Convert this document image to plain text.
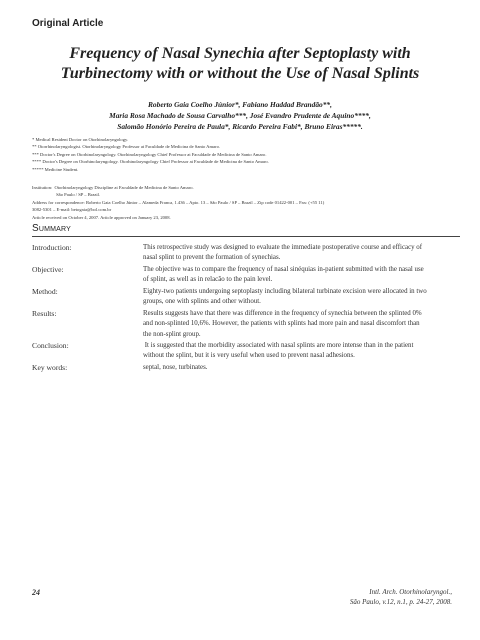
Original Article
Frequency of Nasal Synechia after Septoplasty with
Turbinectomy with or without the Use of Nasal Splints
Roberto Gaia Coelho Júnior*, Fabiano Haddad Brandão**,
Maria Rosa Machado de Sousa Carvalho***, José Evandro Prudente de Aquino****,
Salomão Honório Pereira de Paula*, Ricardo Pereira Fabi*, Bruno Eiras*****.
* Medical Resident Doctor on Otorhinolaryngology.
** Otorrhinolaryngologist. Otorhinolaryngology Professor at Faculdade de Medicina de Santo Amaro.
*** Doctor's Degree on Otorhinolaryngology. Otorhinolaryngology Chief Professor at Faculdade de Medicina de Santo Amaro.
**** Doctor's Degree on Otorhinolaryngology. Otorhinolaryngology Chief Professor at Faculdade de Medicina de Santo Amaro.
***** Medicine Student.
Institution:  Otorhinolaryngology Discipline at Faculdade de Medicina de Santo Amaro.
São Paulo / SP – Brazil.
Address for correspondence: Roberto Gaia Coelho Júnior – Alameda Franca, 1.436 – Apto. 13 – São Paulo / SP – Brazil – Zip code 01422-001 – Fax: (+55 11)
3082-5301 – E-mail: betogaia@bol.com.br
Article received on October 4, 2007. Article approved on January 23, 2008.
Summary
Introduction:	This retrospective study was designed to evaluate the immediate postoperative course and efficacy of
nasal splint to prevent the formation of synechias.
Objective:	The objective was to compare the frequency of nasal sinéquias in-patient submitted with the nasal use
of splint, as well as in relacão to the pain level.
Method:	Eighty-two patients undergoing septoplasty including bilateral turbinate excision were allocated in two
groups, one with splints and other without.
Results:	Results suggests have that there was difference in the frequency of synechia between the splinted 0%
and non-splinted 10,6%. However, the patients with splints had more pain and nasal discomfort than
the non-splint group.
Conclusion:	It is suggested that the morbidity associated with nasal splints are more intense than in the patient
without the splint, but it is very useful when used to prevent nasal adhesions.
Key words:	septal, nose, turbinates.
24	Intl. Arch. Otorhinolaryngol.,
São Paulo, v.12, n.1, p. 24-27, 2008.
